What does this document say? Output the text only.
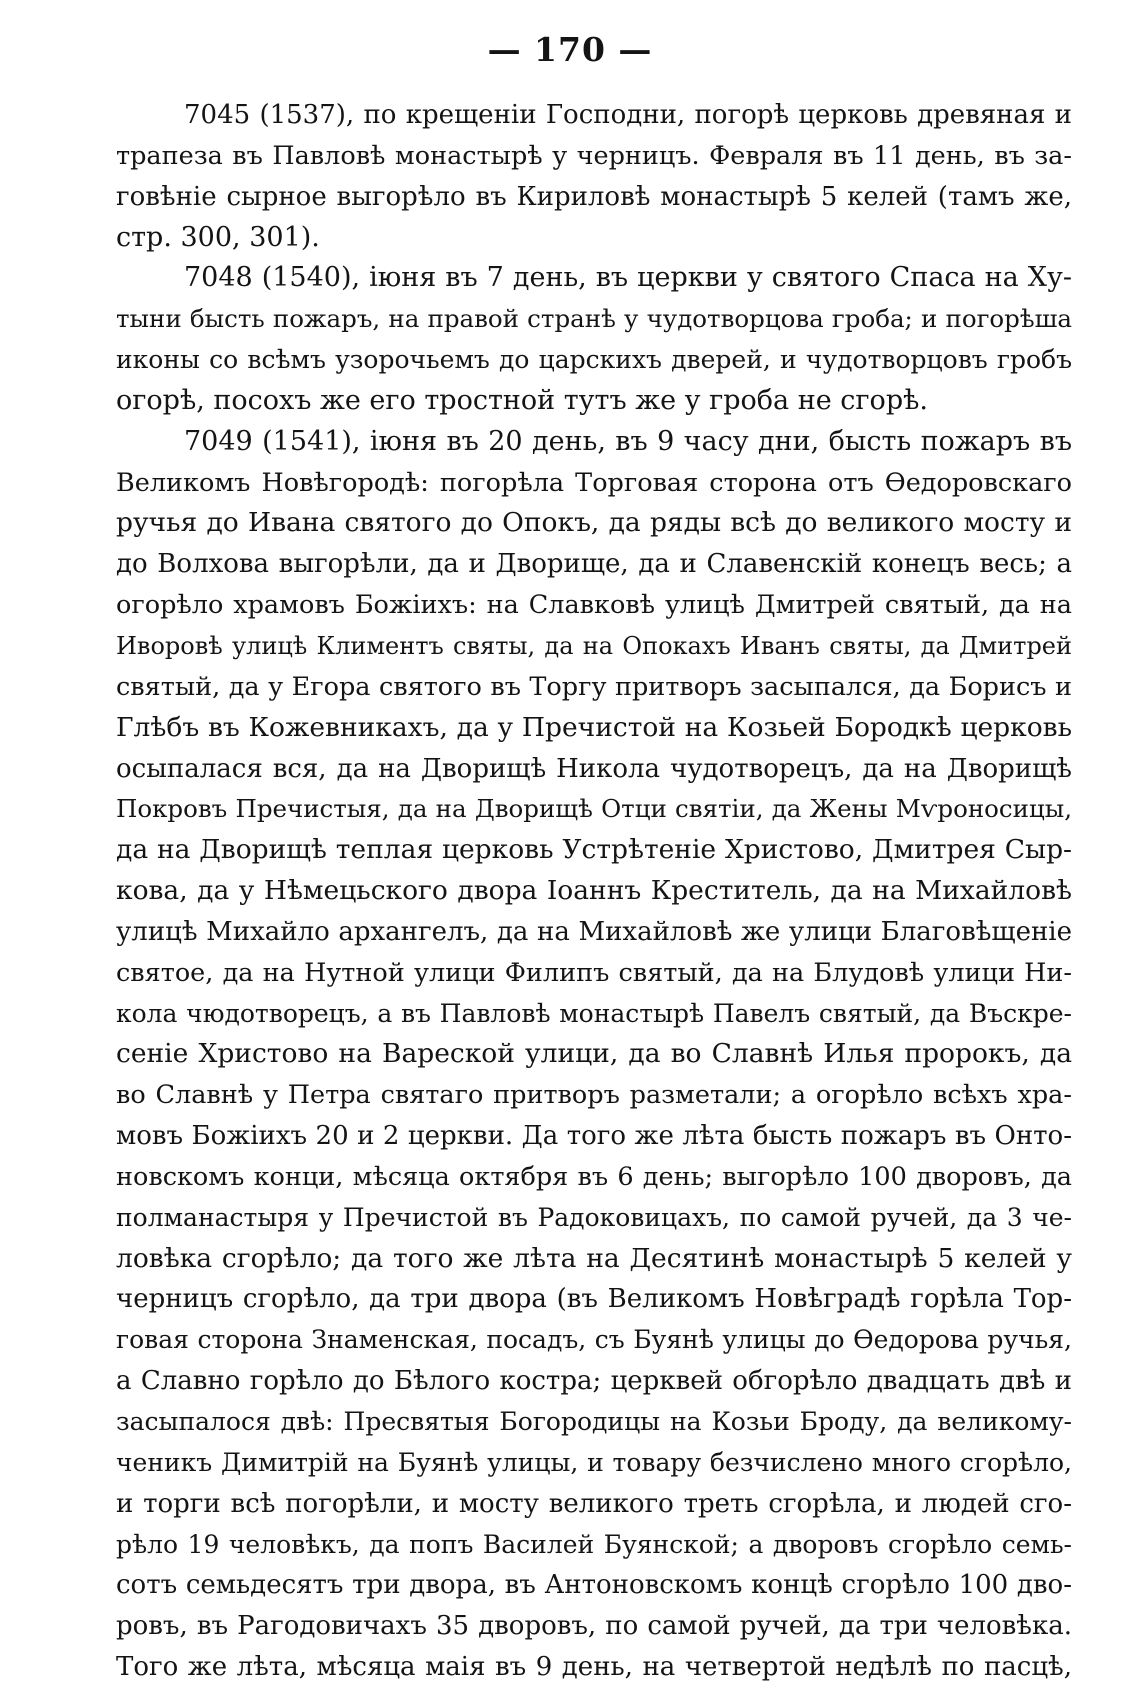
— 170 —
7045 (1537), по крещеніи Господни, погорѣ церковь древяная и
трапеза въ Павловѣ монастырѣ у черницъ. Февраля въ 11 день, въ за-
говѣніе сырное выгорѣло въ Кириловѣ монастырѣ 5 келей (тамъ же,
стр. 300, 301).
7048 (1540), іюня въ 7 день, въ церкви у святого Спаса на Ху-
тыни бысть пожаръ, на правой странѣ у чудотворцова гроба; и погорѣша
иконы со всѣмъ узорочьемъ до царскихъ дверей, и чудотворцовъ гробъ
огорѣ, посохъ же его тростной тутъ же у гроба не сгорѣ.
7049 (1541), іюня въ 20 день, въ 9 часу дни, бысть пожаръ въ
Великомъ Новѣгородѣ: погорѣла Торговая сторона отъ Ѳедоровскаго
ручья до Ивана святого до Опокъ, да ряды всѣ до великого мосту и
до Волхова выгорѣли, да и Дворище, да и Славенскій конецъ весь; а
огорѣло храмовъ Божіихъ: на Славковѣ улицѣ Дмитрей святый, да на
Иворовѣ улицѣ Климентъ святы, да на Опокахъ Иванъ святы, да Дмитрей
святый, да у Егора святого въ Торгу притворъ засыпался, да Борисъ и
Глѣбъ въ Кожевникахъ, да у Пречистой на Козьей Бородкѣ церковь
осыпалася вся, да на Дворищѣ Никола чудотворецъ, да на Дворищѣ
Покровъ Пречистыя, да на Дворищѣ Отци святіи, да Жены Мѵроносицы,
да на Дворищѣ теплая церковь Устрѣтеніе Христово, Дмитрея Сыр-
кова, да у Нѣмецьского двора Іоаннъ Креститель, да на Михайловѣ
улицѣ Михайло архангелъ, да на Михайловѣ же улици Благовѣщеніе
святое, да на Нутной улици Филипъ святый, да на Блудовѣ улици Ни-
кола чюдотворецъ, а въ Павловѣ монастырѣ Павелъ святый, да Въскре-
сеніе Христово на Вареской улици, да во Славнѣ Илья пророкъ, да
во Славнѣ у Петра святаго притворъ разметали; а огорѣло всѣхъ хра-
мовъ Божіихъ 20 и 2 церкви. Да того же лѣта бысть пожаръ въ Онто-
новскомъ конци, мѣсяца октября въ 6 день; выгорѣло 100 дворовъ, да
полманастыря у Пречистой въ Радоковицахъ, по самой ручей, да 3 че-
ловѣка сгорѣло; да того же лѣта на Десятинѣ монастырѣ 5 келей у
черницъ сгорѣло, да три двора (въ Великомъ Новѣградѣ горѣла Тор-
говая сторона Знаменская, посадъ, съ Буянѣ улицы до Ѳедорова ручья,
а Славно горѣло до Бѣлого костра; церквей обгорѣло двадцать двѣ и
засыпалося двѣ: Пресвятыя Богородицы на Козьи Броду, да великому-
ченикъ Димитрій на Буянѣ улицы, и товару безчислено много сгорѣло,
и торги всѣ погорѣли, и мосту великого треть сгорѣла, и людей сго-
рѣло 19 человѣкъ, да попъ Василей Буянской; а дворовъ сгорѣло семь-
сотъ семьдесятъ три двора, въ Антоновскомъ концѣ сгорѣло 100 дво-
ровъ, въ Рагодовичахъ 35 дворовъ, по самой ручей, да три человѣка.
Того же лѣта, мѣсяца маія въ 9 день, на четвертой недѣлѣ по пасцѣ,
